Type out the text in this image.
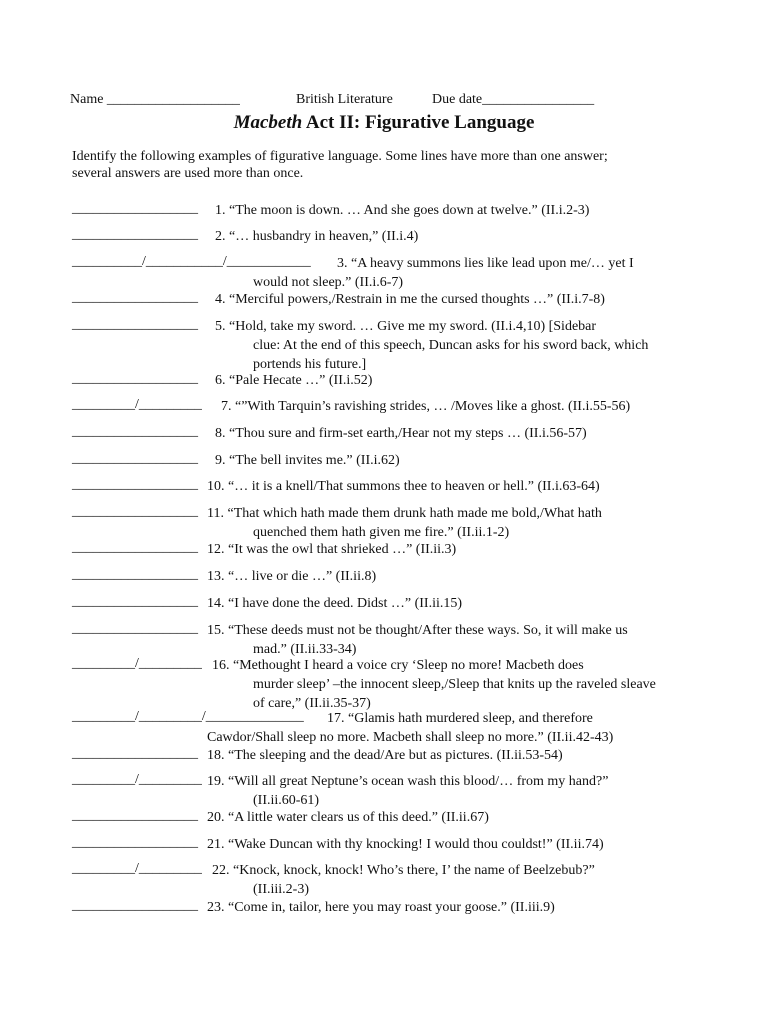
Name ___________________	British Literature	Due date________________
Macbeth Act II: Figurative Language
Identify the following examples of figurative language. Some lines have more than one answer;
several answers are used more than once.
__________________ 1. “The moon is down. … And she goes down at twelve.” (II.i.2-3)
__________________ 2. “… husbandry in heaven,” (II.i.4)
__________/___________/____________ 3. “A heavy summons lies like lead upon me/… yet I
would not sleep.” (II.i.6-7)
__________________ 4. “Merciful powers,/Restrain in me the cursed thoughts …” (II.i.7-8)
__________________ 5. “Hold, take my sword. … Give me my sword. (II.i.4,10) [Sidebar
clue: At the end of this speech, Duncan asks for his sword back, which
portends his future.]
__________________ 6. “Pale Hecate …” (II.i.52)
_________/_________ 7. “”With Tarquin’s ravishing strides, … /Moves like a ghost. (II.i.55-56)
__________________ 8. “Thou sure and firm-set earth,/Hear not my steps … (II.i.56-57)
__________________ 9. “The bell invites me.” (II.i.62)
__________________ 10. “… it is a knell/That summons thee to heaven or hell.” (II.i.63-64)
__________________ 11. “That which hath made them drunk hath made me bold,/What hath
quenched them hath given me fire.” (II.ii.1-2)
__________________ 12. “It was the owl that shrieked …” (II.ii.3)
__________________ 13. “… live or die …” (II.ii.8)
__________________ 14. “I have done the deed. Didst …” (II.ii.15)
__________________ 15. “These deeds must not be thought/After these ways. So, it will make us
mad.” (II.ii.33-34)
_________/_________ 16. “Methought I heard a voice cry ‘Sleep no more! Macbeth does
murder sleep’ –the innocent sleep,/Sleep that knits up the raveled sleave
of care,” (II.ii.35-37)
_________/_________/______________ 17. “Glamis hath murdered sleep, and therefore
Cawdor/Shall sleep no more. Macbeth shall sleep no more.” (II.ii.42-43)
__________________ 18. “The sleeping and the dead/Are but as pictures. (II.ii.53-54)
_________/_________ 19. “Will all great Neptune’s ocean wash this blood/… from my hand?”
(II.ii.60-61)
__________________ 20. “A little water clears us of this deed.” (II.ii.67)
__________________ 21. “Wake Duncan with thy knocking! I would thou couldst!” (II.ii.74)
_________/_________ 22. “Knock, knock, knock! Who’s there, I’ the name of Beelzebub?”
(II.iii.2-3)
__________________ 23. “Come in, tailor, here you may roast your goose.” (II.iii.9)
